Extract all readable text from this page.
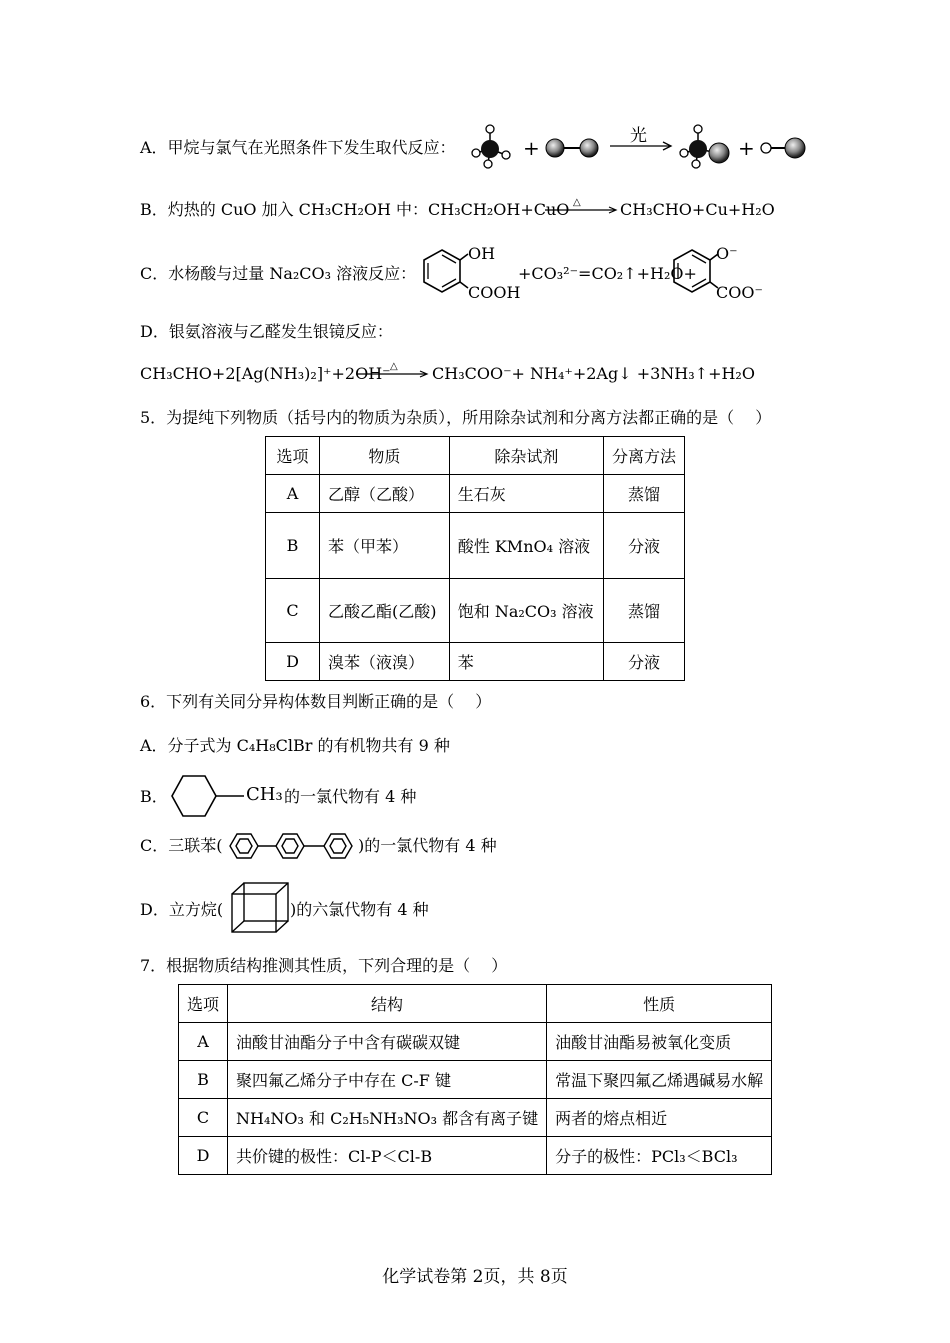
A．甲烷与氯气在光照条件下发生取代反应：	+	光	+
B．灼热的 CuO 加入 CH₃CH₂OH 中：CH₃CH₂OH+CuO △ CH₃CHO+Cu+H₂O
C．水杨酸与过量 Na₂CO₃ 溶液反应：
OH
COOH
+CO₃²⁻=CO₂↑+H₂O+
O⁻
COO⁻
D．银氨溶液与乙醛发生银镜反应：
CH₃CHO+2[Ag(NH₃)₂]⁺+2OH⁻ △ CH₃COO⁻+ NH₄⁺+2Ag↓ +3NH₃↑+H₂O
5．为提纯下列物质（括号内的物质为杂质），所用除杂试剂和分离方法都正确的是（　 ）
选项	物质	除杂试剂	分离方法
A	乙醇（乙酸）	生石灰	蒸馏
B	苯（甲苯）	酸性 KMnO₄ 溶液	分液
C	乙酸乙酯(乙酸)	饱和 Na₂CO₃ 溶液	蒸馏
D	溴苯（液溴）	苯	分液
6．下列有关同分异构体数目判断正确的是（　 ）
A．分子式为 C₄H₈ClBr 的有机物共有 9 种
B．	CH₃ 的一氯代物有 4 种
C．三联苯(	)的一氯代物有 4 种
D．立方烷(	)的六氯代物有 4 种
7．根据物质结构推测其性质，下列合理的是（　 ）
选项	结构	性质
A	油酸甘油酯分子中含有碳碳双键	油酸甘油酯易被氧化变质
B	聚四氟乙烯分子中存在 C-F 键	常温下聚四氟乙烯遇碱易水解
C	NH₄NO₃ 和 C₂H₅NH₃NO₃ 都含有离子键	两者的熔点相近
D	共价键的极性：Cl-P＜Cl-B	分子的极性：PCl₃＜BCl₃
化学试卷第 2页，共 8页
